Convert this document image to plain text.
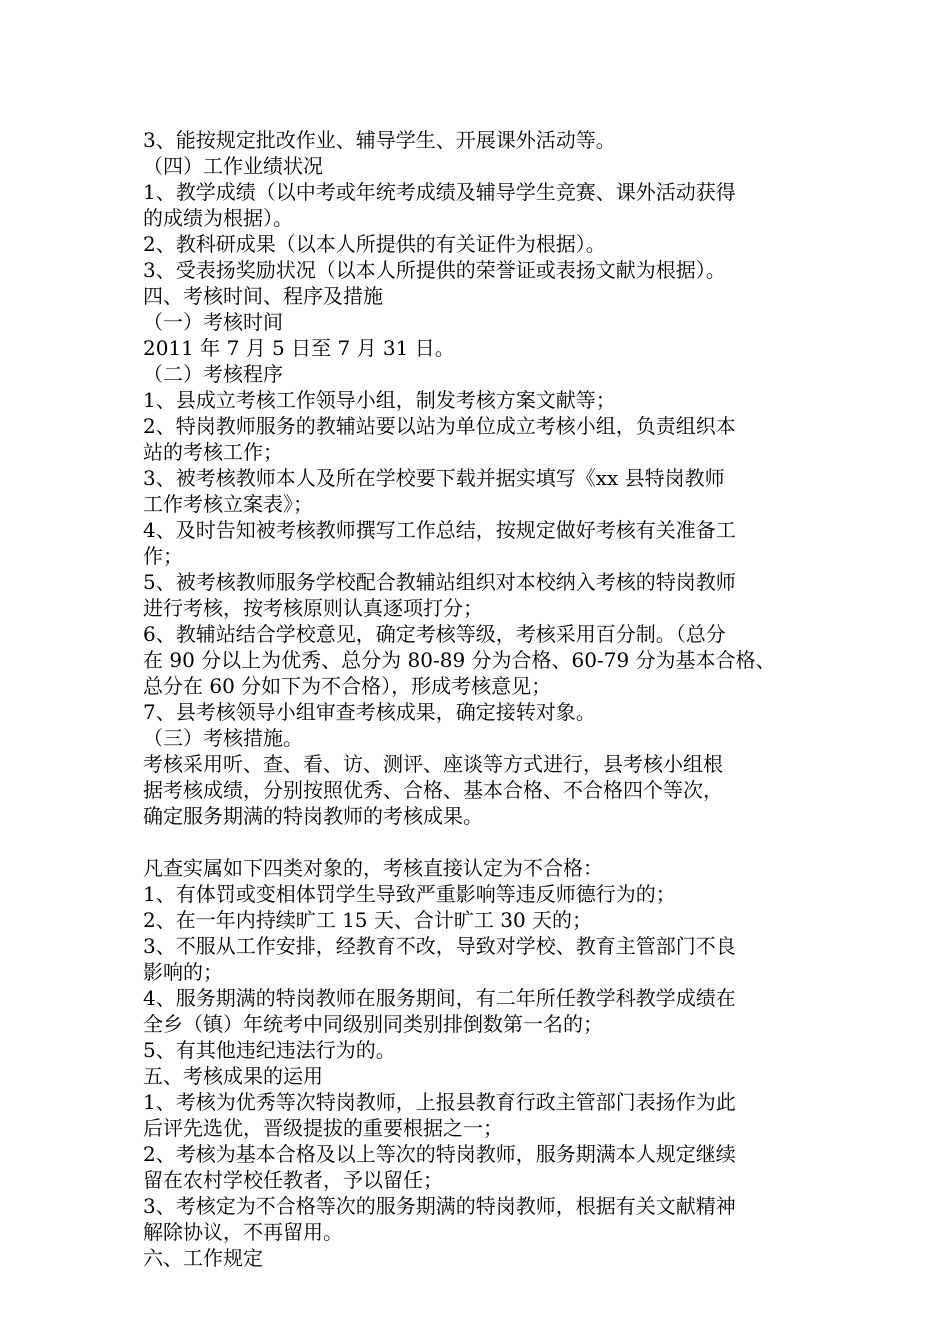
3、能按规定批改作业、辅导学生、开展课外活动等。
（四）工作业绩状况
1、教学成绩（以中考或年统考成绩及辅导学生竞赛、课外活动获得
的成绩为根据）。
2、教科研成果（以本人所提供的有关证件为根据）。
3、受表扬奖励状况（以本人所提供的荣誉证或表扬文献为根据）。
四、考核时间、程序及措施
（一）考核时间
2011 年 7 月 5 日至 7 月 31 日。
（二）考核程序
1、县成立考核工作领导小组，制发考核方案文献等；
2、特岗教师服务的教辅站要以站为单位成立考核小组，负责组织本
站的考核工作；
3、被考核教师本人及所在学校要下载并据实填写《xx 县特岗教师
工作考核立案表》；
4、及时告知被考核教师撰写工作总结，按规定做好考核有关准备工
作；
5、被考核教师服务学校配合教辅站组织对本校纳入考核的特岗教师
进行考核，按考核原则认真逐项打分；
6、教辅站结合学校意见，确定考核等级，考核采用百分制。（总分
在 90 分以上为优秀、总分为 80-89 分为合格、60-79 分为基本合格、
总分在 60 分如下为不合格），形成考核意见；
7、县考核领导小组审查考核成果，确定接转对象。
（三）考核措施。
考核采用听、查、看、访、测评、座谈等方式进行，县考核小组根
据考核成绩，分别按照优秀、合格、基本合格、不合格四个等次，
确定服务期满的特岗教师的考核成果。
凡查实属如下四类对象的，考核直接认定为不合格：
1、有体罚或变相体罚学生导致严重影响等违反师德行为的；
2、在一年内持续旷工 15 天、合计旷工 30 天的；
3、不服从工作安排，经教育不改，导致对学校、教育主管部门不良
影响的；
4、服务期满的特岗教师在服务期间，有二年所任教学科教学成绩在
全乡（镇）年统考中同级别同类别排倒数第一名的；
5、有其他违纪违法行为的。
五、考核成果的运用
1、考核为优秀等次特岗教师，上报县教育行政主管部门表扬作为此
后评先选优，晋级提拔的重要根据之一；
2、考核为基本合格及以上等次的特岗教师，服务期满本人规定继续
留在农村学校任教者，予以留任；
3、考核定为不合格等次的服务期满的特岗教师，根据有关文献精神
解除协议，不再留用。
六、工作规定
